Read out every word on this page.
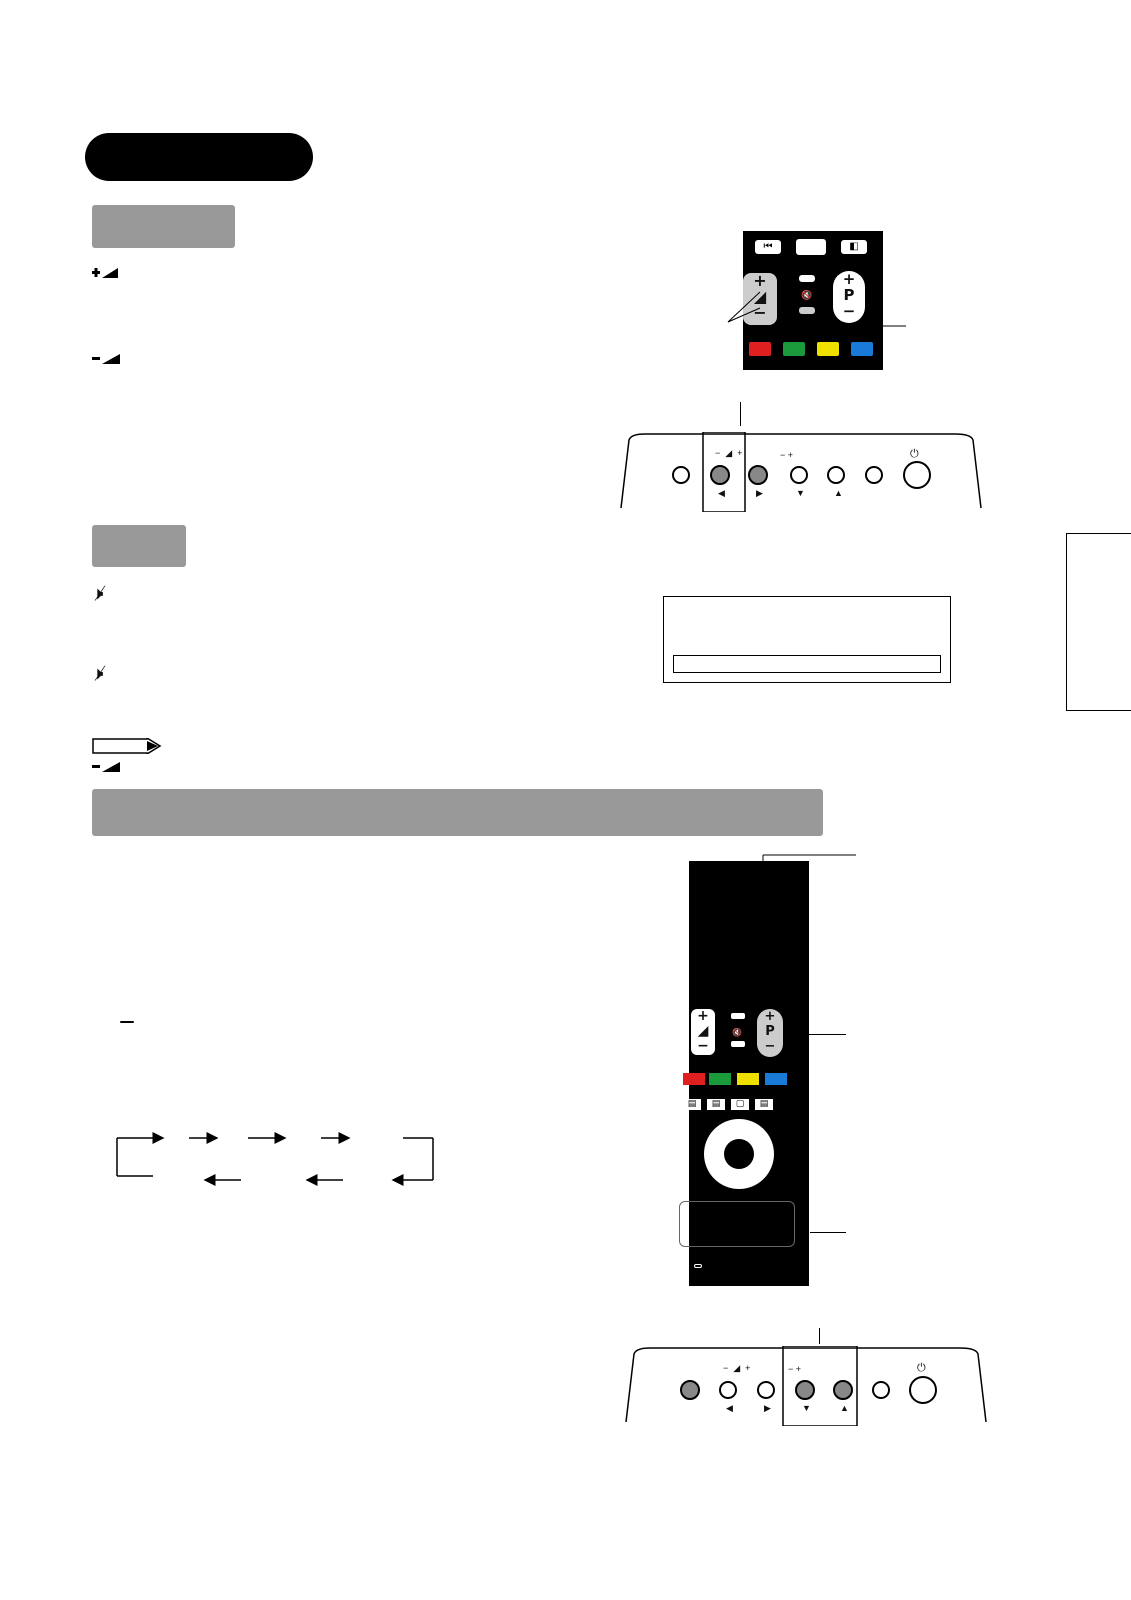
⏮	◧
+
◢
−
🔇
+
P
−
−  ◢  +	− +	⏻
◀	▶	▼	▲
🕨̸
🕨̸
+
◢
−
🔇
+
P
−
▤ ▤ ▢ ▤
−  ◢  +	− +	⏻
◀	▶	▼	▲
